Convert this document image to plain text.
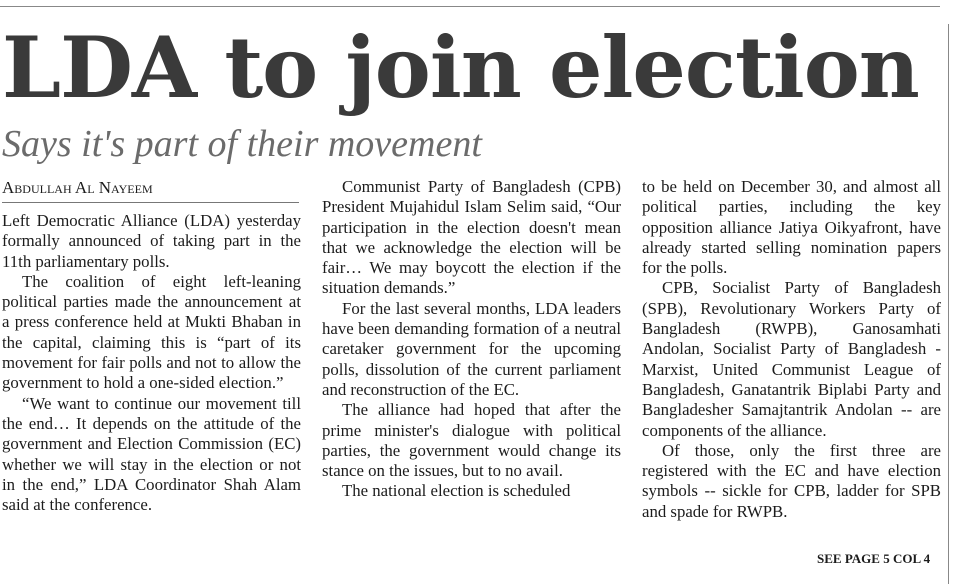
LDA to join election
Says it's part of their movement
Abdullah Al Nayeem

Left Democratic Alliance (LDA) yesterday formally announced of taking part in the 11th parliamentary polls.

The coalition of eight left-leaning political parties made the announcement at a press conference held at Mukti Bhaban in the capital, claiming this is “part of its movement for fair polls and not to allow the government to hold a one-sided election.”

“We want to continue our movement till the end… It depends on the attitude of the government and Election Commission (EC) whether we will stay in the election or not in the end,” LDA Coordinator Shah Alam said at the conference.

Communist Party of Bangladesh (CPB) President Mujahidul Islam Selim said, “Our participation in the election doesn't mean that we acknowledge the election will be fair… We may boycott the election if the situation demands.”

For the last several months, LDA leaders have been demanding formation of a neutral caretaker government for the upcoming polls, dissolution of the current parliament and reconstruction of the EC.

The alliance had hoped that after the prime minister's dialogue with political parties, the government would change its stance on the issues, but to no avail.

The national election is scheduled

to be held on December 30, and almost all political parties, including the key opposition alliance Jatiya Oikyafront, have already started selling nomination papers for the polls.

CPB, Socialist Party of Bangladesh (SPB), Revolutionary Workers Party of Bangladesh (RWPB), Ganosamhati Andolan, Socialist Party of Bangladesh - Marxist, United Communist League of Bangladesh, Ganatantrik Biplabi Party and Bangladesher Samajtantrik Andolan -- are components of the alliance.

Of those, only the first three are registered with the EC and have election symbols -- sickle for CPB, ladder for SPB and spade for RWPB.

SEE PAGE 5 COL 4
